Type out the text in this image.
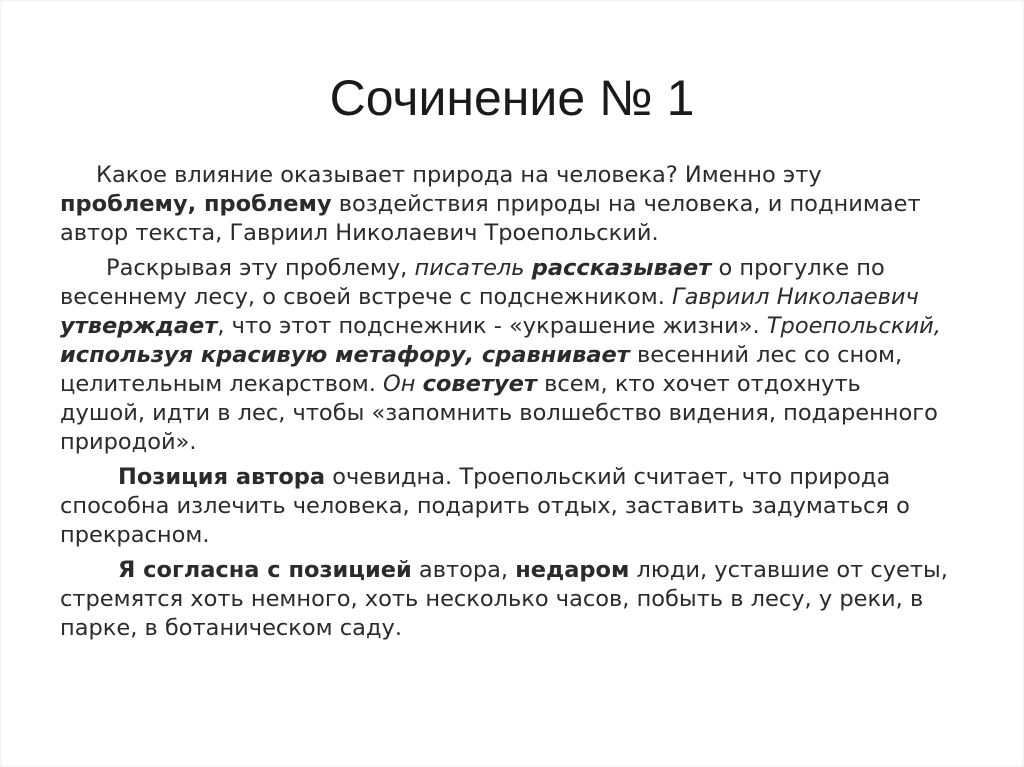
Сочинение № 1
Какое влияние оказывает природа на человека? Именно эту
проблему, проблему воздействия природы на человека, и поднимает
автор текста, Гавриил Николаевич Троепольский.
Раскрывая эту проблему, писатель рассказывает о прогулке по
весеннему лесу, о своей встрече с подснежником. Гавриил Николаевич
утверждает, что этот подснежник - «украшение жизни». Троепольский,
используя красивую метафору, сравнивает весенний лес со сном,
целительным лекарством. Он советует всем, кто хочет отдохнуть
душой, идти в лес, чтобы «запомнить волшебство видения, подаренного
природой».
Позиция автора очевидна. Троепольский считает, что природа
способна излечить человека, подарить отдых, заставить задуматься о
прекрасном.
Я согласна с позицией автора, недаром люди, уставшие от суеты,
стремятся хоть немного, хоть несколько часов, побыть в лесу, у реки, в
парке, в ботаническом саду.
